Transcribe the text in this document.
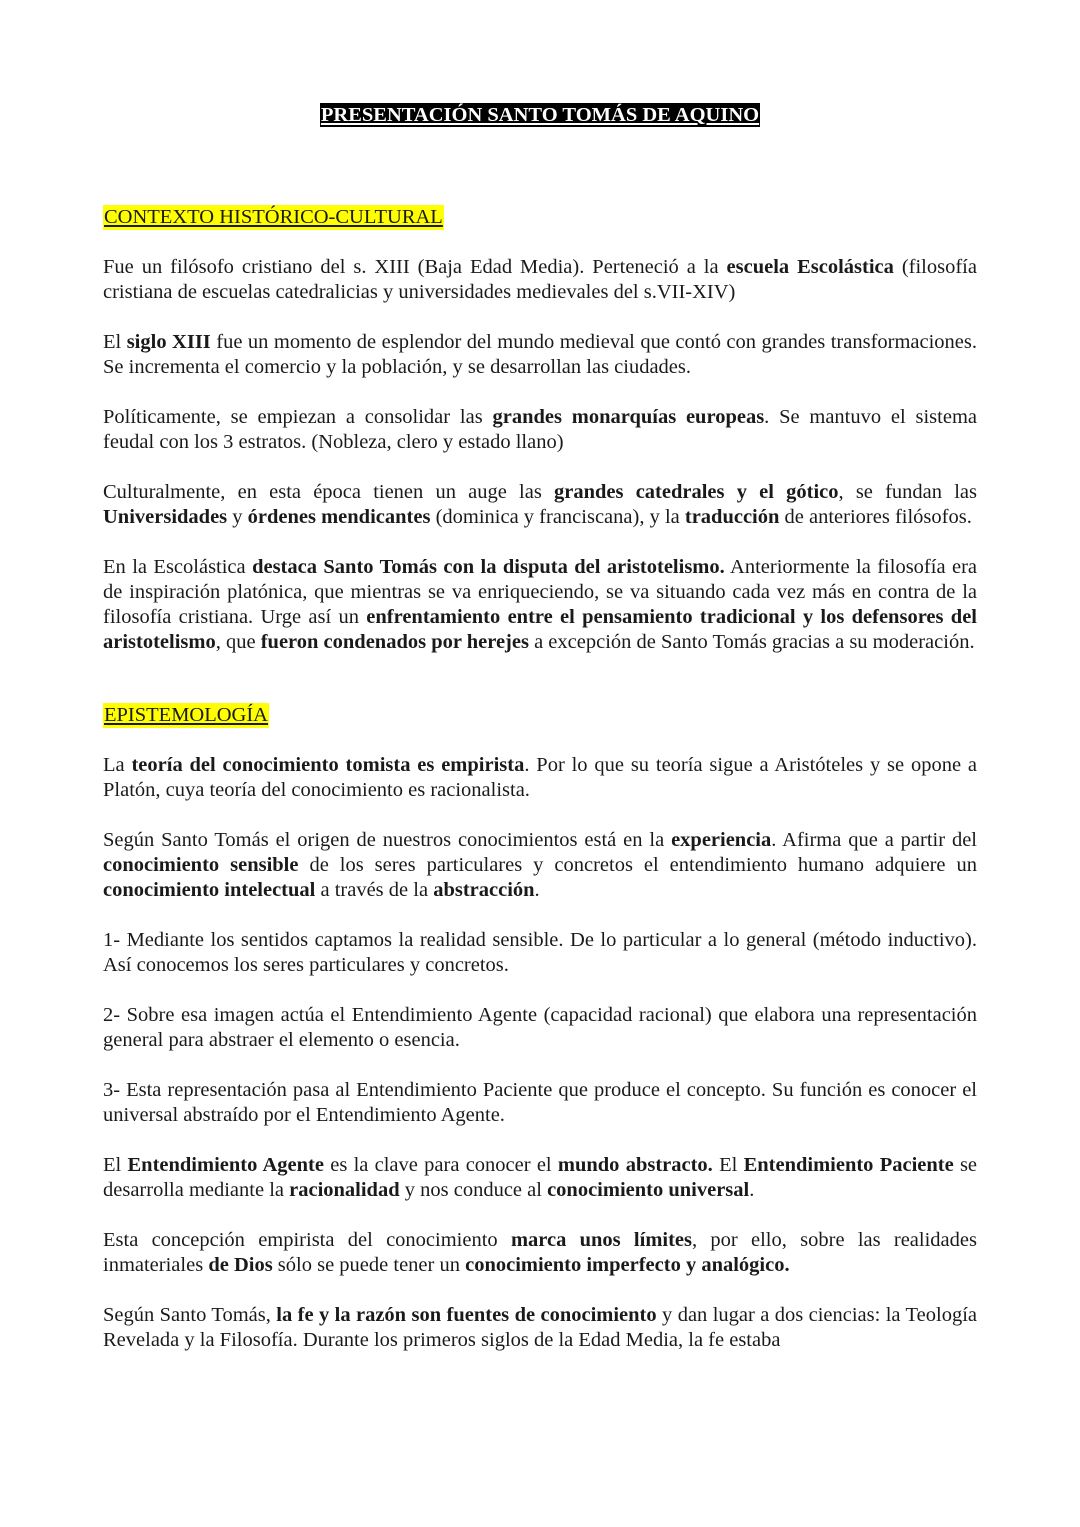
PRESENTACIÓN SANTO TOMÁS DE AQUINO
CONTEXTO HISTÓRICO-CULTURAL

Fue un filósofo cristiano del s. XIII (Baja Edad Media). Perteneció a la escuela Escolástica (filosofía cristiana de escuelas catedralicias y universidades medievales del s.VII-XIV)

El siglo XIII fue un momento de esplendor del mundo medieval que contó con grandes transformaciones. Se incrementa el comercio y la población, y se desarrollan las ciudades.

Políticamente, se empiezan a consolidar las grandes monarquías europeas. Se mantuvo el sistema feudal con los 3 estratos. (Nobleza, clero y estado llano)

Culturalmente, en esta época tienen un auge las grandes catedrales y el gótico, se fundan las Universidades y órdenes mendicantes (dominica y franciscana), y la traducción de anteriores filósofos.

En la Escolástica destaca Santo Tomás con la disputa del aristotelismo. Anteriormente la filosofía era de inspiración platónica, que mientras se va enriqueciendo, se va situando cada vez más en contra de la filosofía cristiana. Urge así un enfrentamiento entre el pensamiento tradicional y los defensores del aristotelismo, que fueron condenados por herejes a excepción de Santo Tomás gracias a su moderación.

EPISTEMOLOGÍA

La teoría del conocimiento tomista es empirista. Por lo que su teoría sigue a Aristóteles y se opone a Platón, cuya teoría del conocimiento es racionalista.

Según Santo Tomás el origen de nuestros conocimientos está en la experiencia. Afirma que a partir del conocimiento sensible de los seres particulares y concretos el entendimiento humano adquiere un conocimiento intelectual a través de la abstracción.

1- Mediante los sentidos captamos la realidad sensible. De lo particular a lo general (método inductivo). Así conocemos los seres particulares y concretos.

2- Sobre esa imagen actúa el Entendimiento Agente (capacidad racional) que elabora una representación general para abstraer el elemento o esencia.

3- Esta representación pasa al Entendimiento Paciente que produce el concepto. Su función es conocer el universal abstraído por el Entendimiento Agente.

El Entendimiento Agente es la clave para conocer el mundo abstracto. El Entendimiento Paciente se desarrolla mediante la racionalidad y nos conduce al conocimiento universal.

Esta concepción empirista del conocimiento marca unos límites, por ello, sobre las realidades inmateriales de Dios sólo se puede tener un conocimiento imperfecto y analógico.

Según Santo Tomás, la fe y la razón son fuentes de conocimiento y dan lugar a dos ciencias: la Teología Revelada y la Filosofía. Durante los primeros siglos de la Edad Media, la fe estaba
